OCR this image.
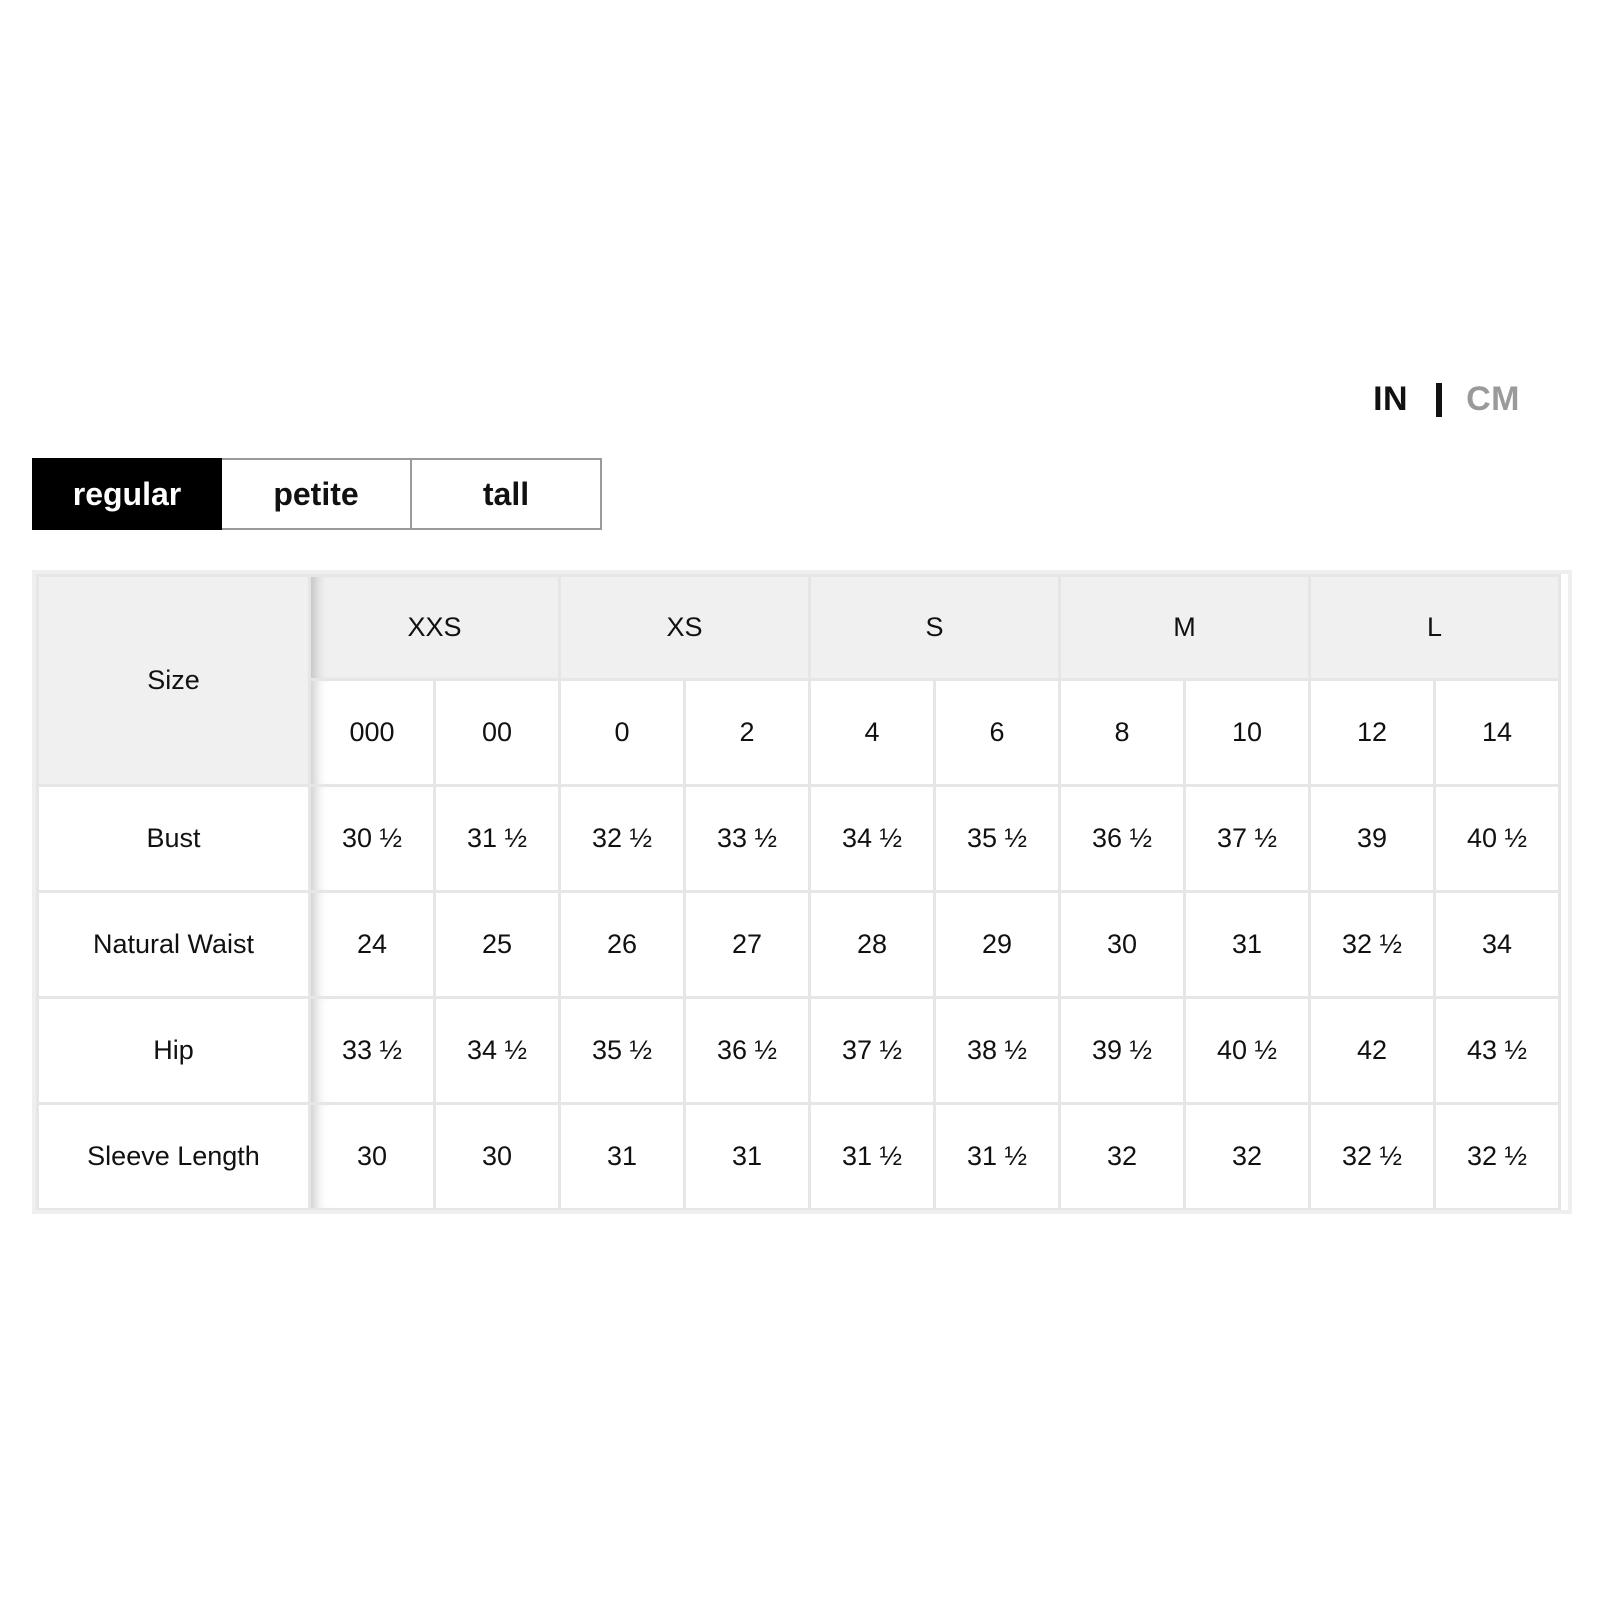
IN CM
regular	petite	tall
Size	XXS		XS		S		M		L	
	000	00	0	2	4	6	8	10	12	14
Bust	30 ½	31 ½	32 ½	33 ½	34 ½	35 ½	36 ½	37 ½	39	40 ½
Natural Waist	24	25	26	27	28	29	30	31	32 ½	34
Hip	33 ½	34 ½	35 ½	36 ½	37 ½	38 ½	39 ½	40 ½	42	43 ½
Sleeve Length	30	30	31	31	31 ½	31 ½	32	32	32 ½	32 ½
